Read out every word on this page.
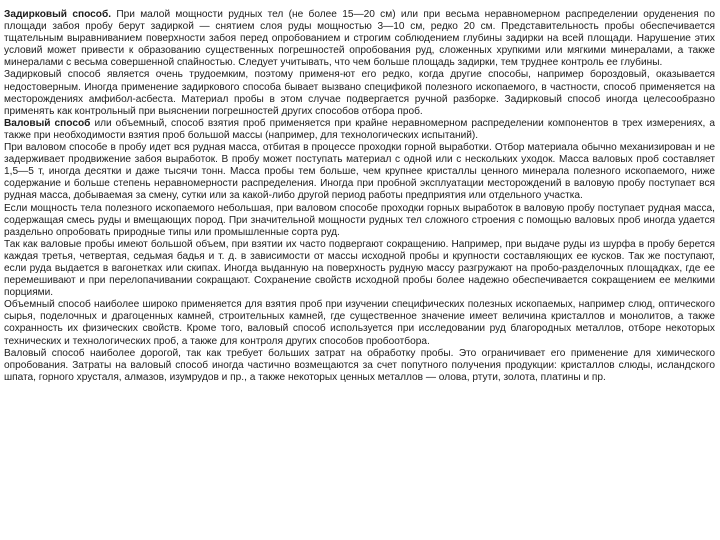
Задирковый способ. При малой мощности рудных тел (не более 15—20 см) или при весьма неравномерном распределении оруденения по площади забоя пробу берут задиркой — снятием слоя руды мощностью 3—10 см, редко 20 см. Представительность пробы обеспечивается тщательным выравниванием поверхности забоя перед опробованием и строгим соблюдением глубины задирки на всей площади. Нарушение этих условий может привести к образованию существенных погрешностей опробования руд, сложенных хрупкими или мягкими минералами, а также минералами с весьма совершенной спайностью. Следует учитывать, что чем больше площадь задирки, тем труднее контроль ее глубины.

Задирковый способ является очень трудоемким, поэтому применя-ют его редко, когда другие способы, например бороздовый, оказывается недостоверным. Иногда применение задиркового способа бывает вызвано спецификой полезного ископаемого, в частности, способ применяется на месторождениях амфибол-асбеста. Материал пробы в этом случае подвергается ручной разборке. Задирковый способ иногда целесообразно применять как контрольный при выяснении погрешностей других способов отбора проб.

Валовый способ или объемный, способ взятия проб применяется при крайне неравномерном распределении компонентов в трех измерениях, а также при необходимости взятия проб большой массы (например, для технологических испытаний).

При валовом способе в пробу идет вся рудная масса, отбитая в процессе проходки горной выработки. Отбор материала обычно механизирован и не задерживает продвижение забоя выработок. В пробу может поступать материал с одной или с нескольких уходок. Масса валовых проб составляет 1,5—5 т, иногда десятки и даже тысячи тонн. Масса пробы тем больше, чем крупнее кристаллы ценного минерала полезного ископаемого, ниже содержание и больше степень неравномерности распределения. Иногда при пробной эксплуатации месторождений в валовую пробу поступает вся рудная масса, добываемая за смену, сутки или за какой-либо другой период работы предприятия или отдельного участка.

Если мощность тела полезного ископаемого небольшая, при валовом способе проходки горных выработок в валовую пробу поступает рудная масса, содержащая смесь руды и вмещающих пород. При значительной мощности рудных тел сложного строения с помощью валовых проб иногда удается раздельно опробовать природные типы или промышленные сорта руд.

Так как валовые пробы имеют большой объем, при взятии их часто подвергают сокращению. Например, при выдаче руды из шурфа в пробу берется каждая третья, четвертая, седьмая бадья и т. д. в зависимости от массы исходной пробы и крупности составляющих ее кусков. Так же поступают, если руда выдается в вагонетках или скипах. Иногда выданную на поверхность рудную массу разгружают на пробо-разделочных площадках, где ее перемешивают и при перелопачивании сокращают. Сохранение свойств исходной пробы более надежно обеспечивается сокращением ее мелкими порциями.

Объемный способ наиболее широко применяется для взятия проб при изучении специфических полезных ископаемых, например слюд, оптического сырья, поделочных и драгоценных камней, строительных камней, где существенное значение имеет величина кристаллов и монолитов, а также сохранность их физических свойств. Кроме того, валовый способ используется при исследовании руд благородных металлов, отборе некоторых технических и технологических проб, а также для контроля других способов пробоотбора.

Валовый способ наиболее дорогой, так как требует больших затрат на обработку пробы. Это ограничивает его применение для химического опробования. Затраты на валовый способ иногда частично возмещаются за счет попутного получения продукции: кристаллов слюды, исландского шпата, горного хрусталя, алмазов, изумрудов и пр., а также некоторых ценных металлов — олова, ртути, золота, платины и пр.
